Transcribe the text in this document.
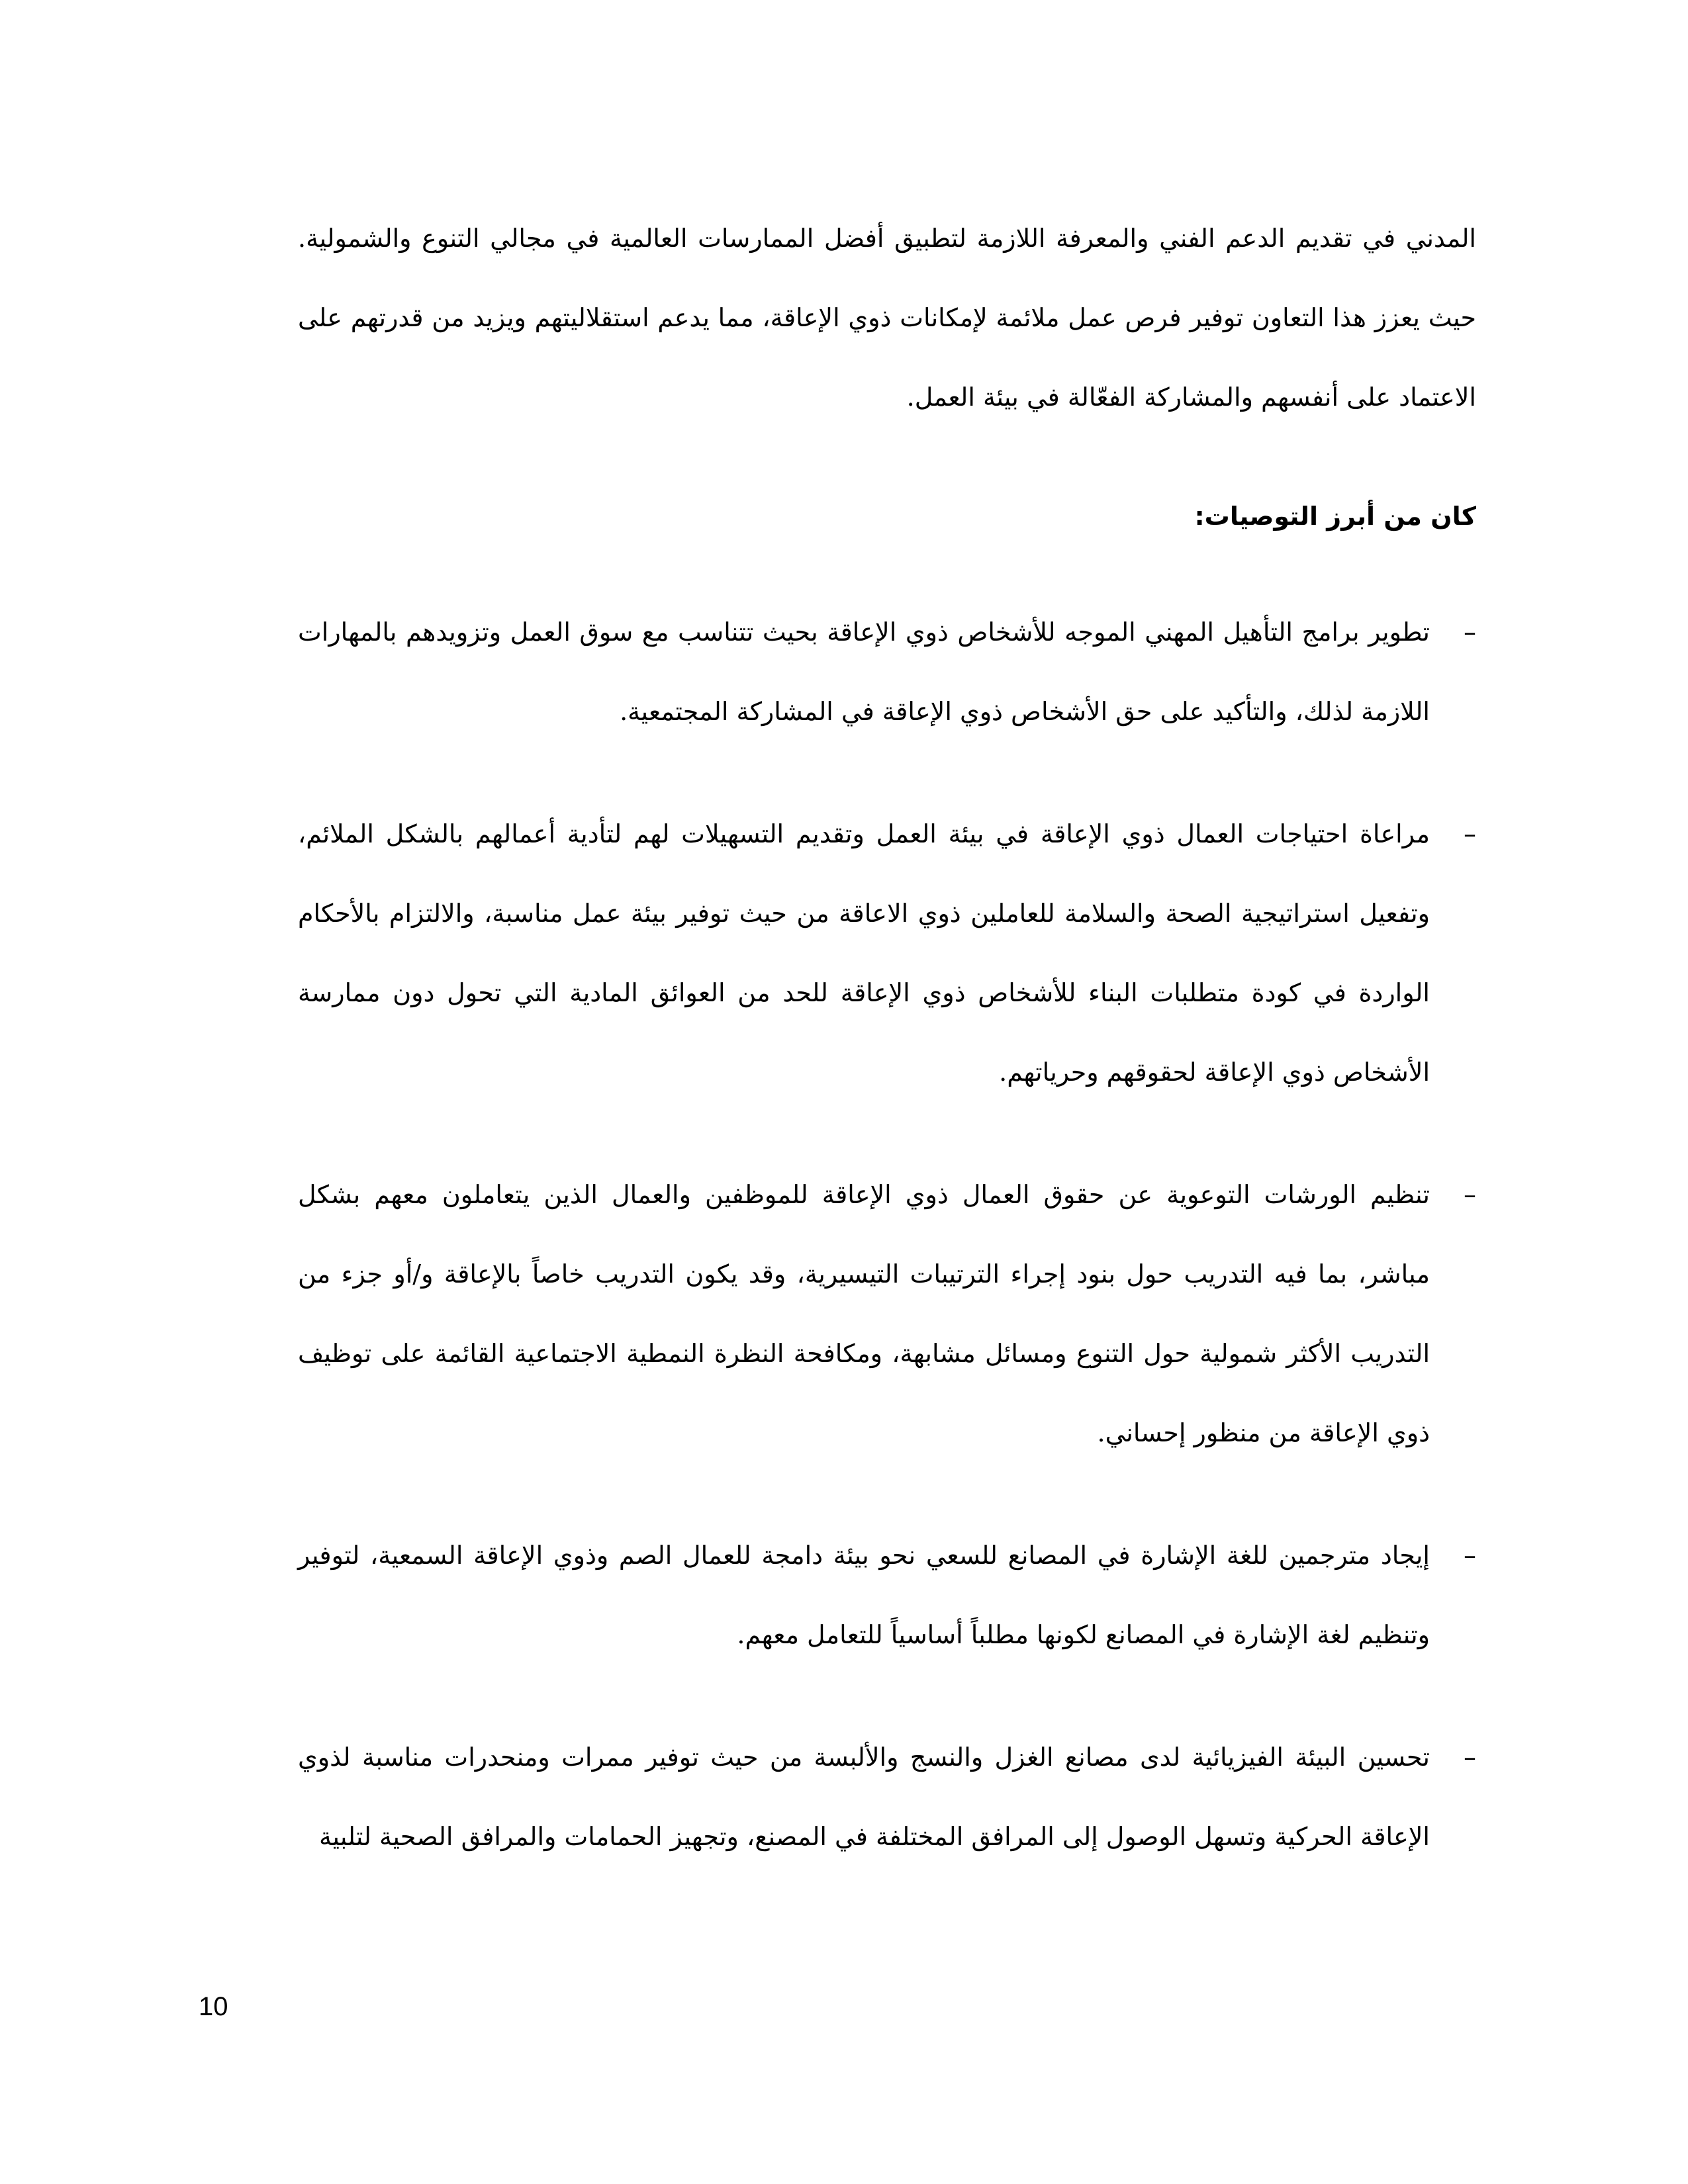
المدني في تقديم الدعم الفني والمعرفة اللازمة لتطبيق أفضل الممارسات العالمية في مجالي التنوع والشمولية. حيث يعزز هذا التعاون توفير فرص عمل ملائمة لإمكانات ذوي الإعاقة، مما يدعم استقلاليتهم ويزيد من قدرتهم على الاعتماد على أنفسهم والمشاركة الفعّالة في بيئة العمل.

كان من أبرز التوصيات:
–
تطوير برامج التأهيل المهني الموجه للأشخاص ذوي الإعاقة بحيث تتناسب مع سوق العمل وتزويدهم بالمهارات اللازمة لذلك، والتأكيد على حق الأشخاص ذوي الإعاقة في المشاركة المجتمعية.
–
مراعاة احتياجات العمال ذوي الإعاقة في بيئة العمل وتقديم التسهيلات لهم لتأدية أعمالهم بالشكل الملائم، وتفعيل استراتيجية الصحة والسلامة للعاملين ذوي الاعاقة من حيث توفير بيئة عمل مناسبة، والالتزام بالأحكام الواردة في كودة متطلبات البناء للأشخاص ذوي الإعاقة للحد من العوائق المادية التي تحول دون ممارسة الأشخاص ذوي الإعاقة لحقوقهم وحرياتهم.
–
تنظيم الورشات التوعوية عن حقوق العمال ذوي الإعاقة للموظفين والعمال الذين يتعاملون معهم بشكل مباشر، بما فيه التدريب حول بنود إجراء الترتيبات التيسيرية، وقد يكون التدريب خاصاً بالإعاقة و/أو جزء من التدريب الأكثر شمولية حول التنوع ومسائل مشابهة، ومكافحة النظرة النمطية الاجتماعية القائمة على توظيف ذوي الإعاقة من منظور إحساني.
–
إيجاد مترجمين للغة الإشارة في المصانع للسعي نحو بيئة دامجة للعمال الصم وذوي الإعاقة السمعية، لتوفير وتنظيم لغة الإشارة في المصانع لكونها مطلباً أساسياً للتعامل معهم.
–
تحسين البيئة الفيزيائية لدى مصانع الغزل والنسج والألبسة من حيث توفير ممرات ومنحدرات مناسبة لذوي الإعاقة الحركية وتسهل الوصول إلى المرافق المختلفة في المصنع، وتجهيز الحمامات والمرافق الصحية لتلبية
10
